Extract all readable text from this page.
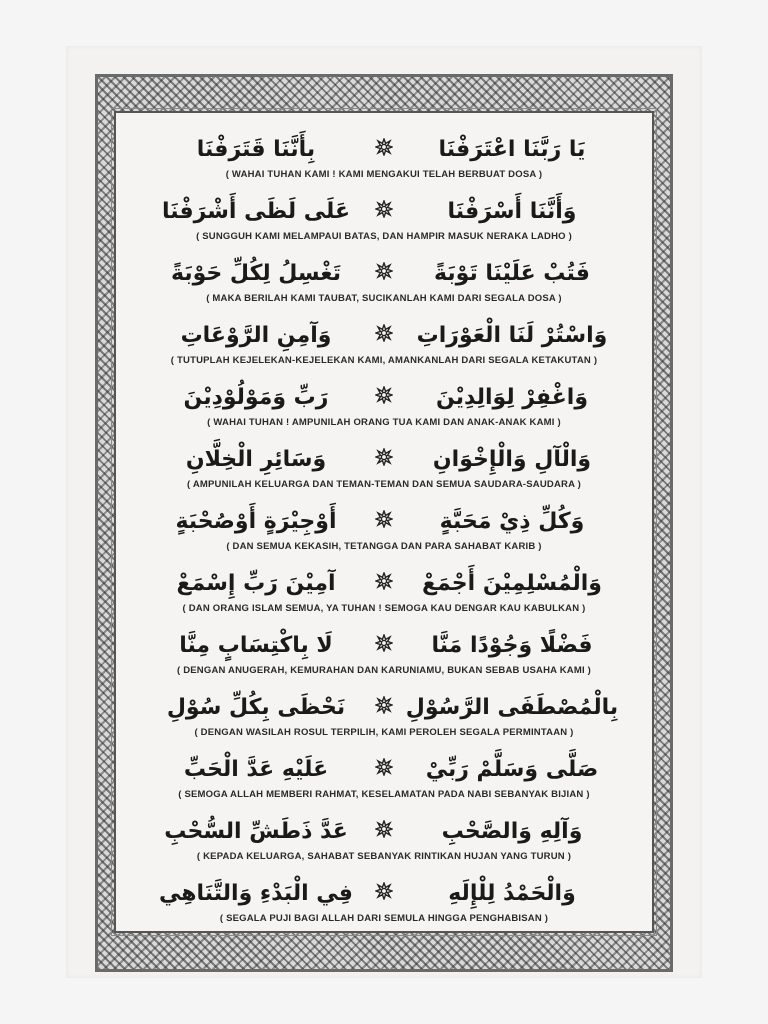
يَا رَبَّنَا اعْتَرَفْنَا
بِأَنَّنَا قَتَرَفْنَا
( WAHAI TUHAN KAMI ! KAMI MENGAKUI TELAH BERBUAT DOSA )
وَأَنَّنَا أَسْرَفْنَا
عَلَى لَظَى أَشْرَفْنَا
( SUNGGUH KAMI MELAMPAUI BATAS, DAN HAMPIR MASUK NERAKA LADHO )
فَتُبْ عَلَيْنَا تَوْبَةً
تَغْسِلُ لِكُلِّ حَوْبَةً
( MAKA BERILAH KAMI TAUBAT, SUCIKANLAH KAMI DARI SEGALA DOSA )
وَاسْتُرْ لَنَا الْعَوْرَاتِ
وَآمِنِ الرَّوْعَاتِ
( TUTUPLAH KEJELEKAN-KEJELEKAN KAMI, AMANKANLAH DARI SEGALA KETAKUTAN )
وَاغْفِرْ لِوَالِدِيْنَ
رَبِّ وَمَوْلُوْدِيْنَ
( WAHAI TUHAN ! AMPUNILAH ORANG TUA KAMI DAN ANAK-ANAK KAMI )
وَالْآلِ وَالْإِخْوَانِ
وَسَائِرِ الْخِلَّانِ
( AMPUNILAH KELUARGA DAN TEMAN-TEMAN DAN SEMUA SAUDARA-SAUDARA )
وَكُلِّ ذِيْ مَحَبَّةٍ
أَوْجِيْرَةٍ أَوْصُحْبَةٍ
( DAN SEMUA KEKASIH, TETANGGA DAN PARA SAHABAT KARIB )
وَالْمُسْلِمِيْنَ أَجْمَعْ
آمِيْنَ رَبِّ إِسْمَعْ
( DAN ORANG ISLAM SEMUA, YA TUHAN ! SEMOGA KAU DENGAR KAU KABULKAN )
فَضْلًا وَجُوْدًا مَنَّا
لَا بِاكْتِسَابٍ مِنَّا
( DENGAN ANUGERAH, KEMURAHAN DAN KARUNIAMU, BUKAN SEBAB USAHA KAMI )
بِالْمُصْطَفَى الرَّسُوْلِ
نَحْظَى بِكُلِّ سُوْلِ
( DENGAN WASILAH ROSUL TERPILIH, KAMI PEROLEH SEGALA PERMINTAAN )
صَلَّى وَسَلَّمْ رَبِّيْ
عَلَيْهِ عَدَّ الْحَبِّ
( SEMOGA ALLAH MEMBERI RAHMAT, KESELAMATAN PADA NABI SEBANYAK BIJIAN )
وَآلِهِ وَالصَّحْبِ
عَدَّ ذَطَشِّ السُّحْبِ
( KEPADA KELUARGA, SAHABAT SEBANYAK RINTIKAN HUJAN YANG TURUN )
وَالْحَمْدُ لِلْإِلَهِ
فِي الْبَدْءِ وَالتَّنَاهِي
( SEGALA PUJI BAGI ALLAH DARI SEMULA HINGGA PENGHABISAN )
